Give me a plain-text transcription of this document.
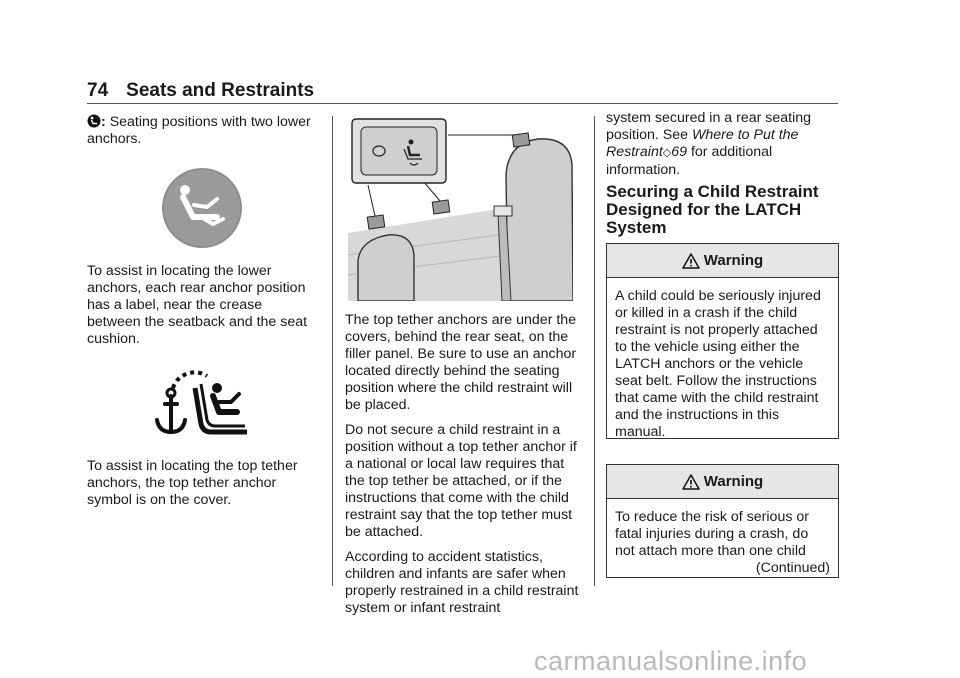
74 Seats and Restraints
: Seating positions with two lower anchors.

To assist in locating the lower anchors, each rear anchor position has a label, near the crease between the seatback and the seat cushion.

To assist in locating the top tether anchors, the top tether anchor symbol is on the cover.

The top tether anchors are under the covers, behind the rear seat, on the filler panel. Be sure to use an anchor located directly behind the seating position where the child restraint will be placed.

Do not secure a child restraint in a position without a top tether anchor if a national or local law requires that the top tether be attached, or if the instructions that come with the child restraint say that the top tether must be attached.

According to accident statistics, children and infants are safer when properly restrained in a child restraint system or infant restraint

system secured in a rear seating position. See Where to Put the Restraint◇69 for additional information.
Securing a Child Restraint Designed for the LATCH System
Warning

A child could be seriously injured or killed in a crash if the child restraint is not properly attached to the vehicle using either the LATCH anchors or the vehicle seat belt. Follow the instructions that came with the child restraint and the instructions in this manual.

Warning

To reduce the risk of serious or fatal injuries during a crash, do not attach more than one child

(Continued)
carmanualsonline.info
